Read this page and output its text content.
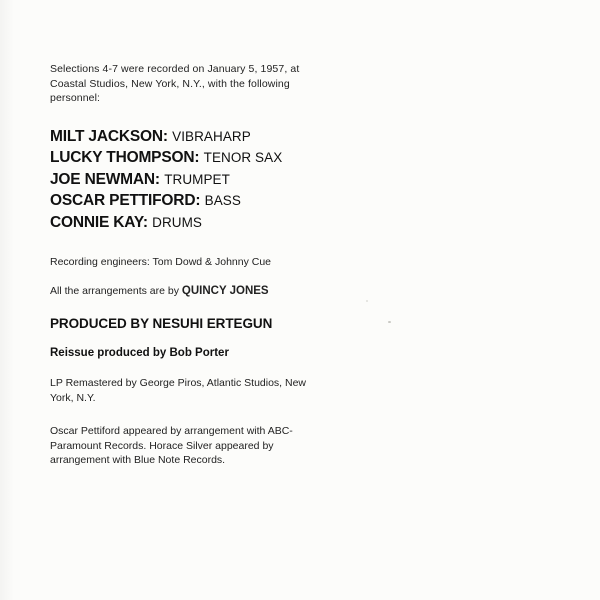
Selections 4-7 were recorded on January 5, 1957, at Coastal Studios, New York, N.Y., with the following personnel:

MILT JACKSON: VIBRAHARP
LUCKY THOMPSON: TENOR SAX
JOE NEWMAN: TRUMPET
OSCAR PETTIFORD: BASS
CONNIE KAY: DRUMS

Recording engineers: Tom Dowd & Johnny Cue

All the arrangements are by QUINCY JONES

PRODUCED BY NESUHI ERTEGUN

Reissue produced by Bob Porter

LP Remastered by George Piros, Atlantic Studios, New York, N.Y.

Oscar Pettiford appeared by arrangement with ABC-Paramount Records. Horace Silver appeared by arrangement with Blue Note Records.
